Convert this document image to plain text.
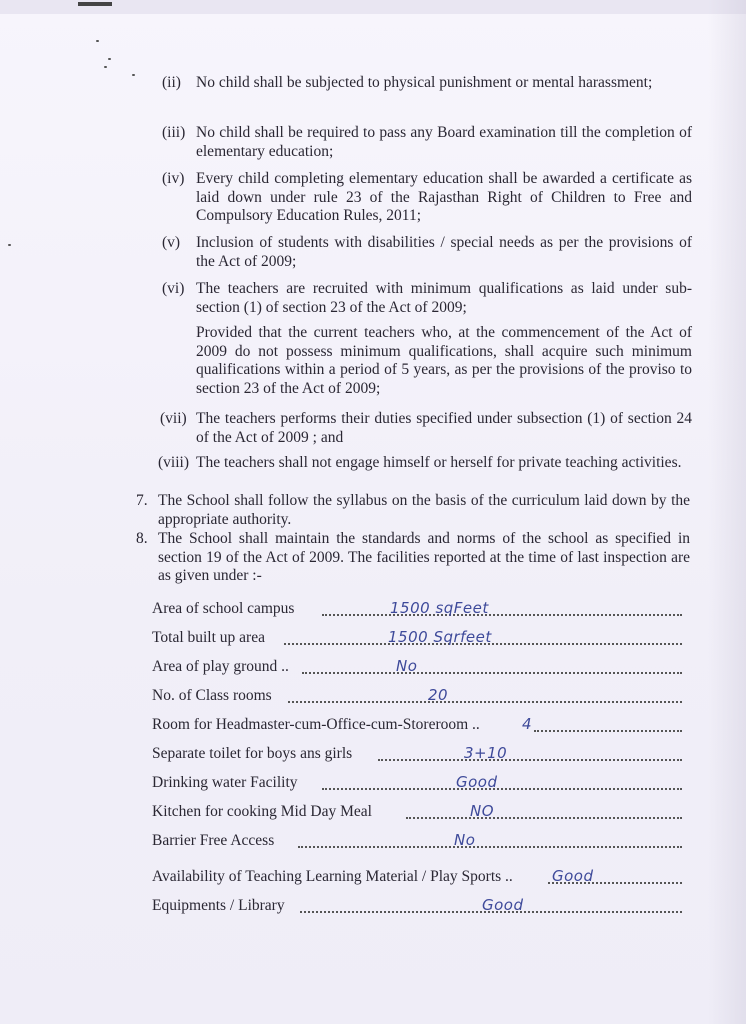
(ii) No child shall be subjected to physical punishment or mental harassment;
(iii) No child shall be required to pass any Board examination till the completion of elementary education;
(iv) Every child completing elementary education shall be awarded a certificate as laid down under rule 23 of the Rajasthan Right of Children to Free and Compulsory Education Rules, 2011;
(v) Inclusion of students with disabilities / special needs as per the provisions of the Act of 2009;
(vi) The teachers are recruited with minimum qualifications as laid under sub-section (1) of section 23 of the Act of 2009;
Provided that the current teachers who, at the commencement of the Act of 2009 do not possess minimum qualifications, shall acquire such minimum qualifications within a period of 5 years, as per the provisions of the proviso to section 23 of the Act of 2009;
(vii) The teachers performs their duties specified under subsection (1) of section 24 of the Act of 2009 ; and
(viii) The teachers shall not engage himself or herself for private teaching activities.
7. The School shall follow the syllabus on the basis of the curriculum laid down by the appropriate authority.
8. The School shall maintain the standards and norms of the school as specified in section 19 of the Act of 2009. The facilities reported at the time of last inspection are as given under :-
Area of school campus	1500 sqFeet
Total built up area	1500 Sqrfeet
Area of play ground ..	No
No. of Class rooms	20
Room for Headmaster-cum-Office-cum-Storeroom ..	4
Separate toilet for boys ans girls	3+10
Drinking water Facility	Good
Kitchen for cooking Mid Day Meal	NO
Barrier Free Access	No
Availability of Teaching Learning Material / Play Sports ..	Good
Equipments / Library	Good
